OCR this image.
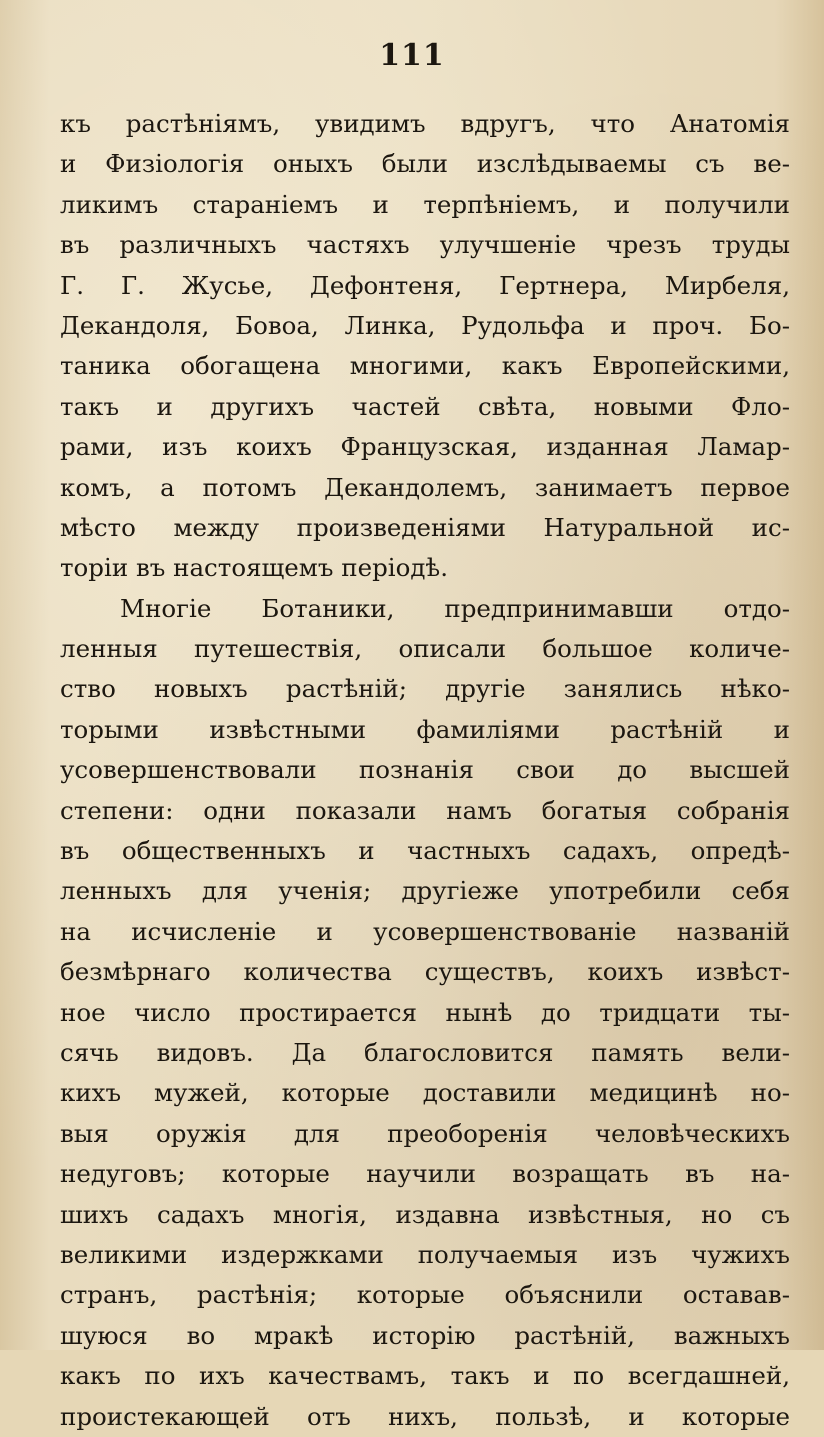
111
къ растѣніямъ, увидимъ вдругъ, что Анатомія
и Физіологія оныхъ были изслѣдываемы съ ве-
ликимъ стараніемъ и терпѣніемъ, и получили
въ различныхъ частяхъ улучшеніе чрезъ труды
Г. Г. Жусье, Дефонтеня, Гертнера, Мирбеля,
Декандоля, Бовоа, Линка, Рудольфа и проч. Бо-
таника обогащена многими, какъ Европейскими,
такъ и другихъ частей свѣта, новыми Фло-
рами, изъ коихъ Французская, изданная Ламар-
комъ, а потомъ Декандолемъ, занимаетъ первое
мѣсто между произведеніями Натуральной ис-
торіи въ настоящемъ періодѣ.
Многіе Ботаники, предпринимавши отдо-
ленныя путешествія, описали большое количе-
ство новыхъ растѣній; другіе занялись нѣко-
торыми извѣстными фамиліями растѣній и
усовершенствовали познанія свои до высшей
степени: одни показали намъ богатыя собранія
въ общественныхъ и частныхъ садахъ, опредѣ-
ленныхъ для ученія; другіеже употребили себя
на исчисленіе и усовершенствованіе названій
безмѣрнаго количества существъ, коихъ извѣст-
ное число простирается нынѣ до тридцати ты-
сячь видовъ. Да благословится память вели-
кихъ мужей, которые доставили медицинѣ но-
выя оружія для преоборенія человѣческихъ
недуговъ; которые научили возращать въ на-
шихъ садахъ многія, издавна извѣстныя, но съ
великими издержками получаемыя изъ чужихъ
странъ, растѣнія; которые объяснили оставав-
шуюся во мракѣ исторію растѣній, важныхъ
какъ по ихъ качествамъ, такъ и по всегдашней,
проистекающей отъ нихъ, пользѣ, и которые
